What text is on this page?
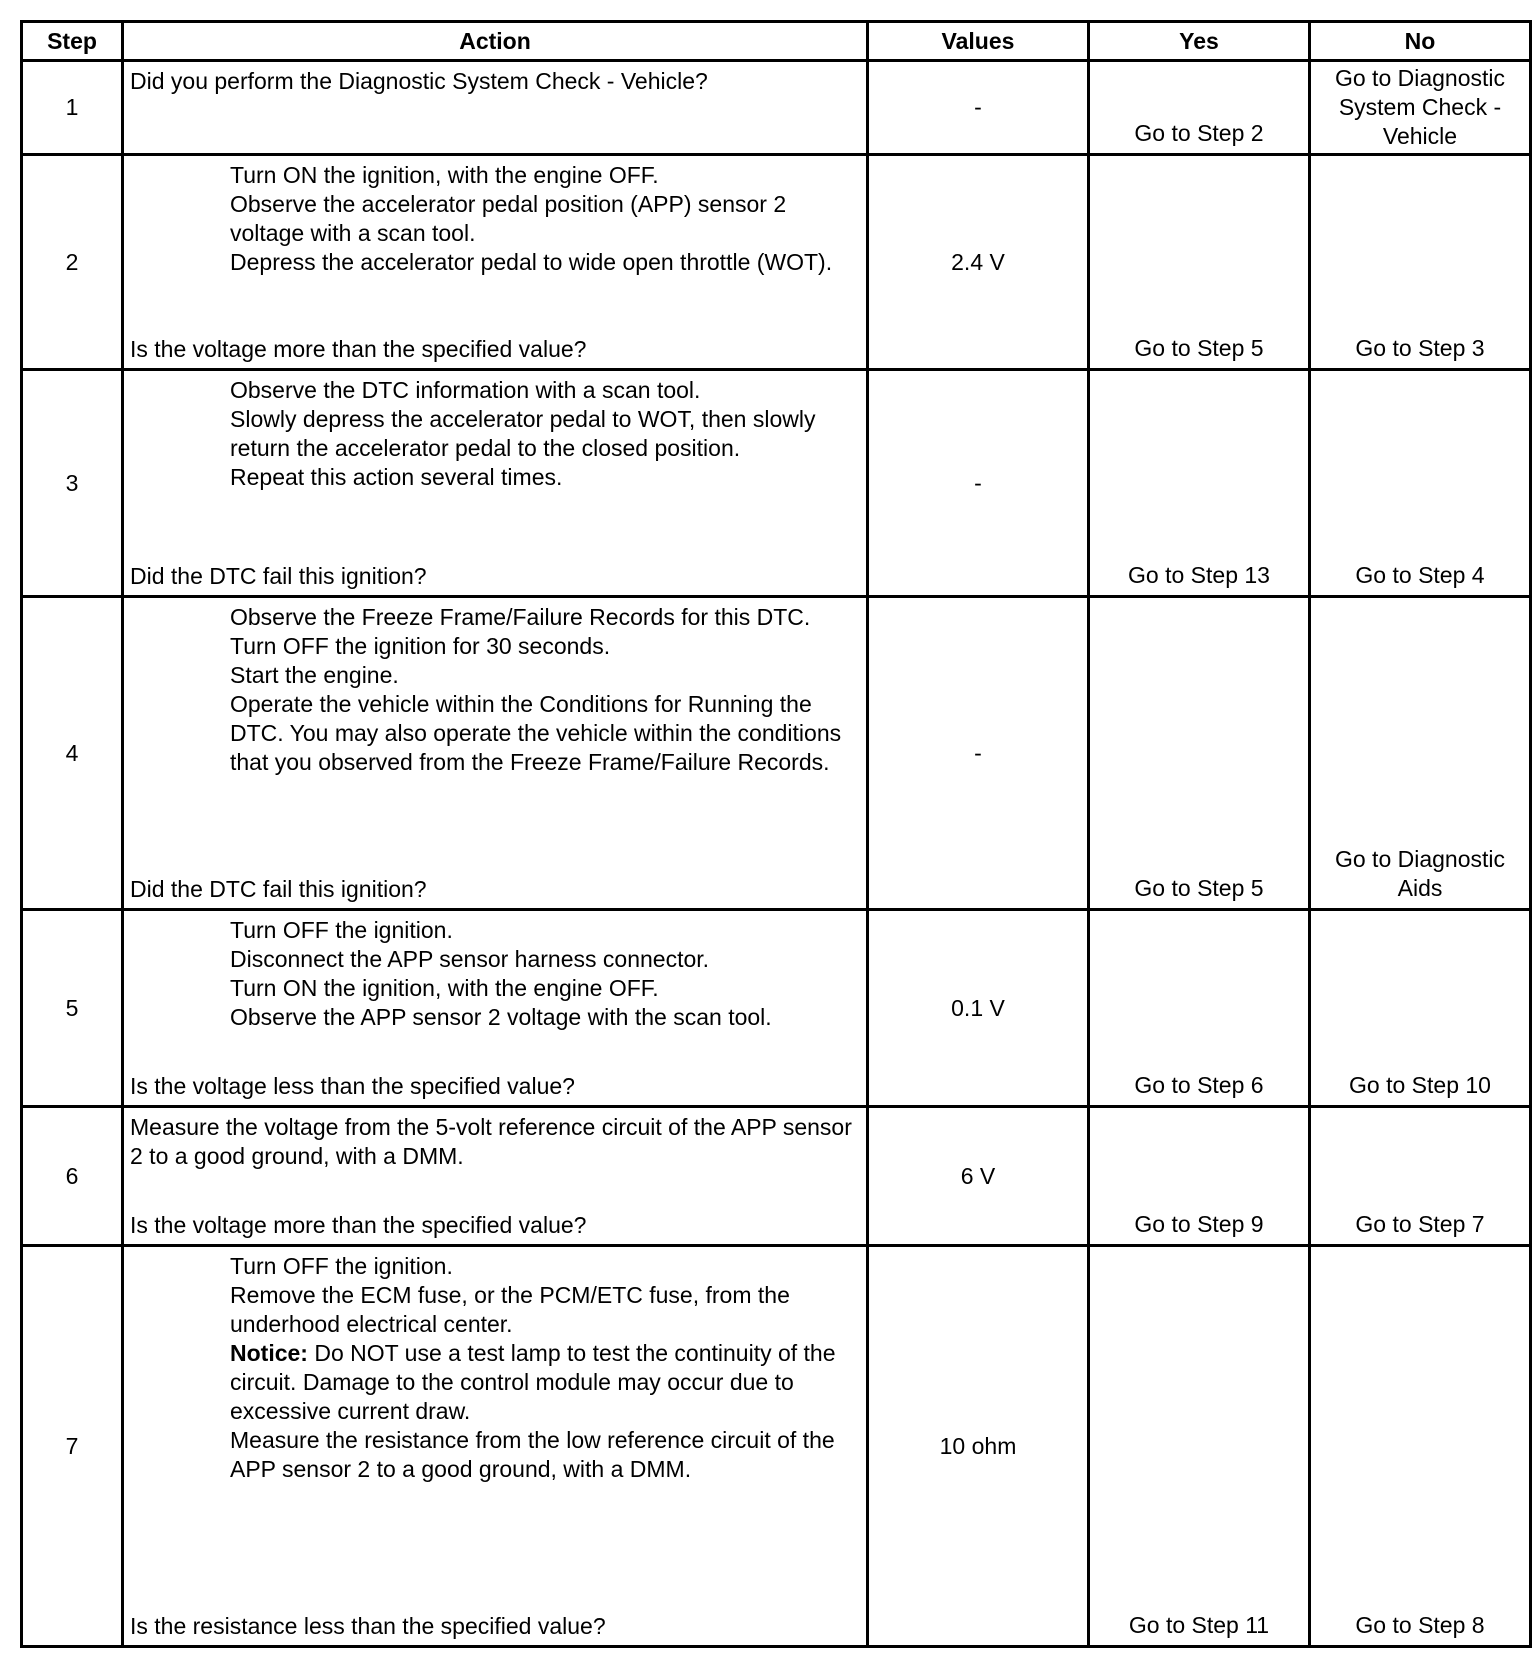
Step	Action	Values	Yes	No
1	Did you perform the Diagnostic System Check - Vehicle?	-	Go to Step 2	Go to Diagnostic System Check - Vehicle

2	Turn ON the ignition, with the engine OFF.
Observe the accelerator pedal position (APP) sensor 2 voltage with a scan tool.
Depress the accelerator pedal to wide open throttle (WOT).
Is the voltage more than the specified value?	2.4 V	Go to Step 5	Go to Step 3

3	Observe the DTC information with a scan tool.
Slowly depress the accelerator pedal to WOT, then slowly return the accelerator pedal to the closed position.
Repeat this action several times.
Did the DTC fail this ignition?	-	Go to Step 13	Go to Step 4

4	Observe the Freeze Frame/Failure Records for this DTC.
Turn OFF the ignition for 30 seconds.
Start the engine.
Operate the vehicle within the Conditions for Running the DTC. You may also operate the vehicle within the conditions that you observed from the Freeze Frame/Failure Records.
Did the DTC fail this ignition?	-	Go to Step 5	Go to Diagnostic Aids

5	Turn OFF the ignition.
Disconnect the APP sensor harness connector.
Turn ON the ignition, with the engine OFF.
Observe the APP sensor 2 voltage with the scan tool.
Is the voltage less than the specified value?	0.1 V	Go to Step 6	Go to Step 10

6	Measure the voltage from the 5-volt reference circuit of the APP sensor 2 to a good ground, with a DMM.
Is the voltage more than the specified value?	6 V	Go to Step 9	Go to Step 7

7	Turn OFF the ignition.
Remove the ECM fuse, or the PCM/ETC fuse, from the underhood electrical center.
Notice: Do NOT use a test lamp to test the continuity of the circuit. Damage to the control module may occur due to excessive current draw.
Measure the resistance from the low reference circuit of the APP sensor 2 to a good ground, with a DMM.
Is the resistance less than the specified value?	10 ohm	Go to Step 11	Go to Step 8
